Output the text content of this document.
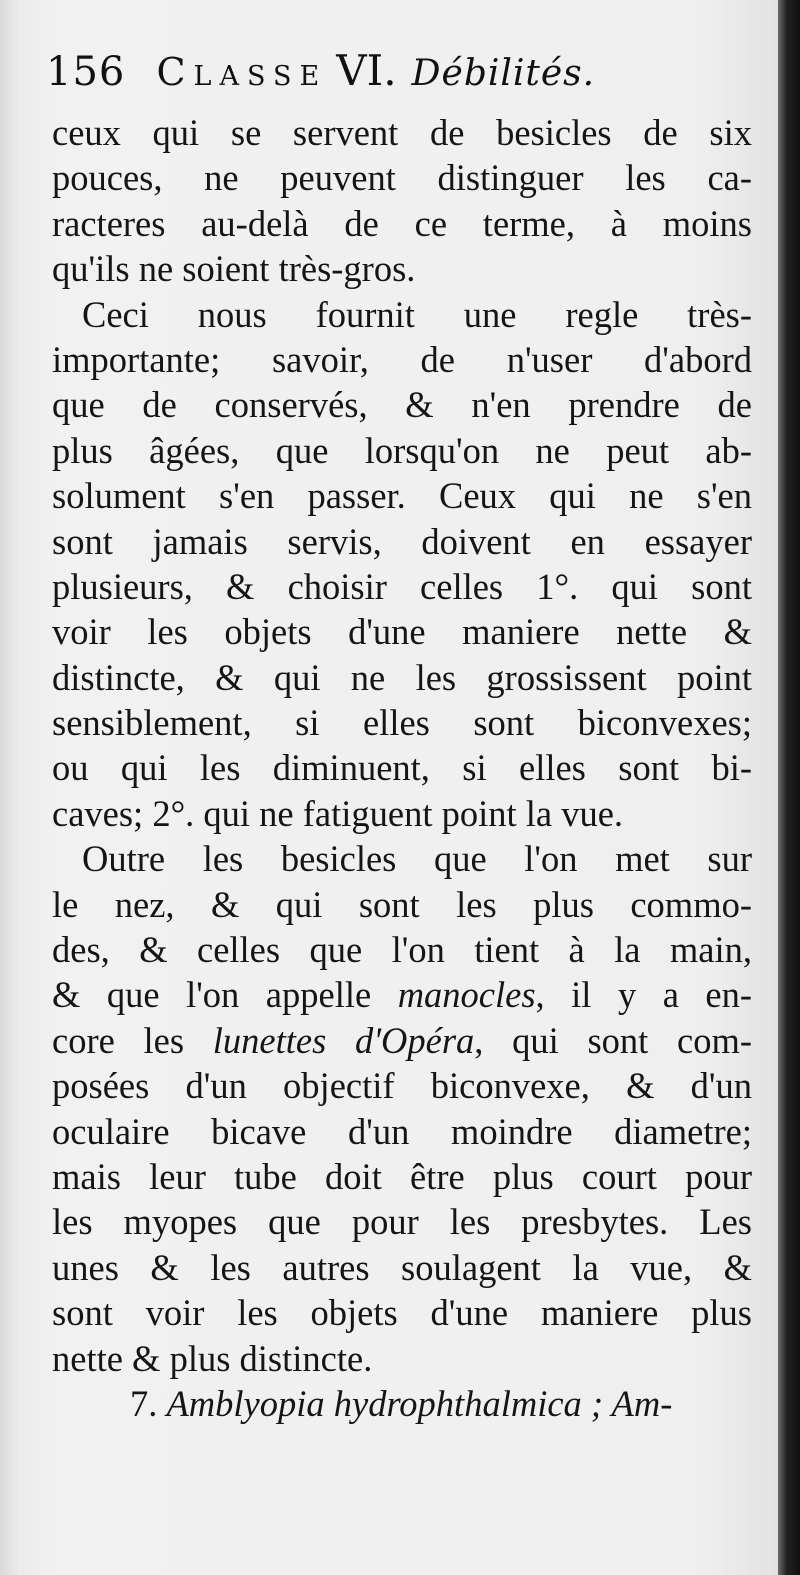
156 Classe VI. Débilités.
ceux qui se servent de besicles de six
pouces, ne peuvent distinguer les ca-
racteres au-delà de ce terme, à moins
qu'ils ne soient très-gros.
Ceci nous fournit une regle très-
importante; savoir, de n'user d'abord
que de conservés, & n'en prendre de
plus âgées, que lorsqu'on ne peut ab-
solument s'en passer. Ceux qui ne s'en
sont jamais servis, doivent en essayer
plusieurs, & choisir celles 1°. qui sont
voir les objets d'une maniere nette &
distincte, & qui ne les grossissent point
sensiblement, si elles sont biconvexes;
ou qui les diminuent, si elles sont bi-
caves; 2°. qui ne fatiguent point la vue.
Outre les besicles que l'on met sur
le nez, & qui sont les plus commo-
des, & celles que l'on tient à la main,
& que l'on appelle manocles, il y a en-
core les lunettes d'Opéra, qui sont com-
posées d'un objectif biconvexe, & d'un
oculaire bicave d'un moindre diametre;
mais leur tube doit être plus court pour
les myopes que pour les presbytes. Les
unes & les autres soulagent la vue, &
sont voir les objets d'une maniere plus
nette & plus distincte.
7. Amblyopia hydrophthalmica ; Am-
